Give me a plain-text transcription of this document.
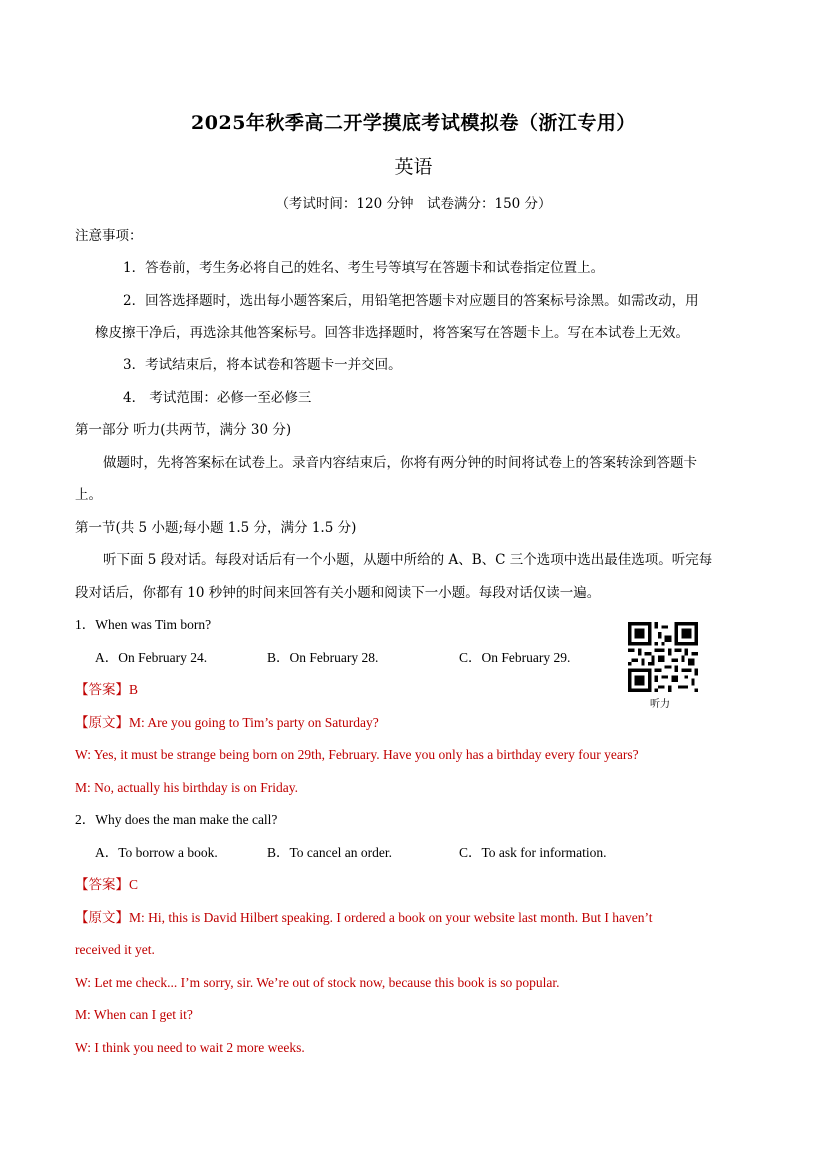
2025年秋季高二开学摸底考试模拟卷（浙江专用）
英语
（考试时间：120 分钟　试卷满分：150 分）
注意事项：
1．答卷前，考生务必将自己的姓名、考生号等填写在答题卡和试卷指定位置上。
2．回答选择题时，选出每小题答案后，用铅笔把答题卡对应题目的答案标号涂黑。如需改动，用
橡皮擦干净后，再选涂其他答案标号。回答非选择题时，将答案写在答题卡上。写在本试卷上无效。
3．考试结束后，将本试卷和答题卡一并交回。
4． 考试范围：必修一至必修三
第一部分 听力(共两节，满分 30 分)
做题时，先将答案标在试卷上。录音内容结束后，你将有两分钟的时间将试卷上的答案转涂到答题卡
上。
第一节(共 5 小题;每小题 1.5 分，满分 1.5 分)
听下面 5 段对话。每段对话后有一个小题，从题中所给的 A、B、C 三个选项中选出最佳选项。听完每
段对话后，你都有 10 秒钟的时间来回答有关小题和阅读下一小题。每段对话仅读一遍。
1．When was Tim born?
A．On February 24.	B．On February 28.	C．On February 29.
【答案】B
【原文】M: Are you going to Tim’s party on Saturday?
W: Yes, it must be strange being born on 29th, February. Have you only has a birthday every four years?
M: No, actually his birthday is on Friday.
听力
2．Why does the man make the call?
A．To borrow a book.	B．To cancel an order.	C．To ask for information.
【答案】C
【原文】M: Hi, this is David Hilbert speaking. I ordered a book on your website last month. But I haven’t
received it yet.
W: Let me check... I’m sorry, sir. We’re out of stock now, because this book is so popular.
M: When can I get it?
W: I think you need to wait 2 more weeks.
